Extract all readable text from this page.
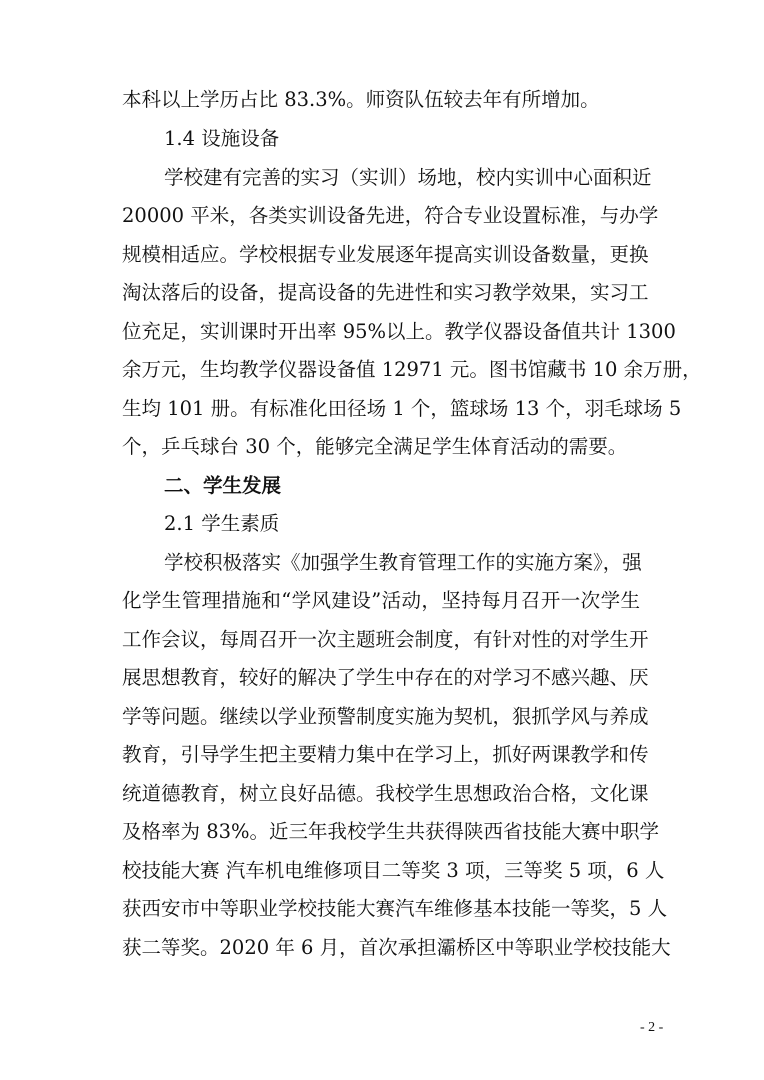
本科以上学历占比 83.3%。师资队伍较去年有所增加。
1.4 设施设备
学校建有完善的实习（实训）场地，校内实训中心面积近
20000 平米，各类实训设备先进，符合专业设置标准，与办学
规模相适应。学校根据专业发展逐年提高实训设备数量，更换
淘汰落后的设备，提高设备的先进性和实习教学效果，实习工
位充足，实训课时开出率 95%以上。教学仪器设备值共计 1300
余万元，生均教学仪器设备值 12971 元。图书馆藏书 10 余万册，
生均 101 册。有标准化田径场 1 个，篮球场 13 个，羽毛球场 5
个，乒乓球台 30 个，能够完全满足学生体育活动的需要。
二、学生发展
2.1 学生素质
学校积极落实《加强学生教育管理工作的实施方案》，强
化学生管理措施和“学风建设”活动，坚持每月召开一次学生
工作会议，每周召开一次主题班会制度，有针对性的对学生开
展思想教育，较好的解决了学生中存在的对学习不感兴趣、厌
学等问题。继续以学业预警制度实施为契机，狠抓学风与养成
教育，引导学生把主要精力集中在学习上，抓好两课教学和传
统道德教育，树立良好品德。我校学生思想政治合格，文化课
及格率为 83%。近三年我校学生共获得陕西省技能大赛中职学
校技能大赛 汽车机电维修项目二等奖 3 项，三等奖 5 项，6 人
获西安市中等职业学校技能大赛汽车维修基本技能一等奖，5 人
获二等奖。2020 年 6 月，首次承担灞桥区中等职业学校技能大
- 2 -
